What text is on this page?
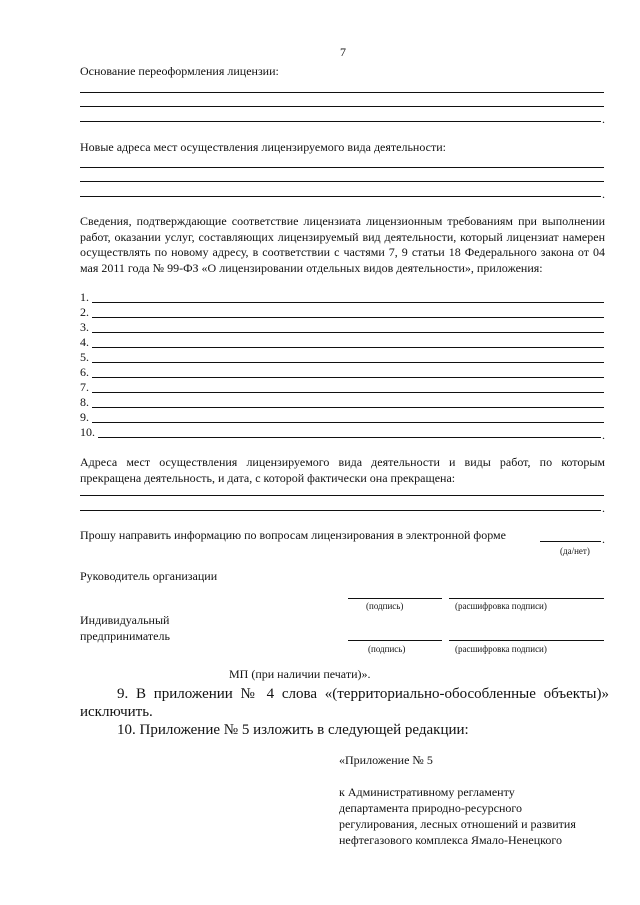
7
Основание переоформления лицензии:
.
Новые адреса мест осуществления лицензируемого вида деятельности:
.
Сведения, подтверждающие соответствие лицензиата лицензионным требованиям при выполнении работ, оказании услуг, составляющих лицензируемый вид деятельности, который лицензиат намерен осуществлять по новому адресу, в соответствии с частями 7, 9 статьи 18 Федерального закона от 04 мая 2011 года № 99-ФЗ «О лицензировании отдельных видов деятельности», приложения:
1.
2.
3.
4.
5.
6.
7.
8.
9.
10.	.
Адреса мест осуществления лицензируемого вида деятельности и виды работ, по которым прекращена деятельность, и дата, с которой фактически она прекращена:
.
Прошу направить информацию по вопросам лицензирования в электронной форме	.
(да/нет)
Руководитель организации
(подпись)	(расшифровка подписи)
Индивидуальный
предприниматель
(подпись)	(расшифровка подписи)
МП (при наличии печати)».
9. В приложении № 4 слова «(территориально-обособленные объекты)»
исключить.
10. Приложение № 5 изложить в следующей редакции:
«Приложение № 5
к Административному регламенту
департамента природно-ресурсного
регулирования, лесных отношений и развития
нефтегазового комплекса Ямало-Ненецкого
